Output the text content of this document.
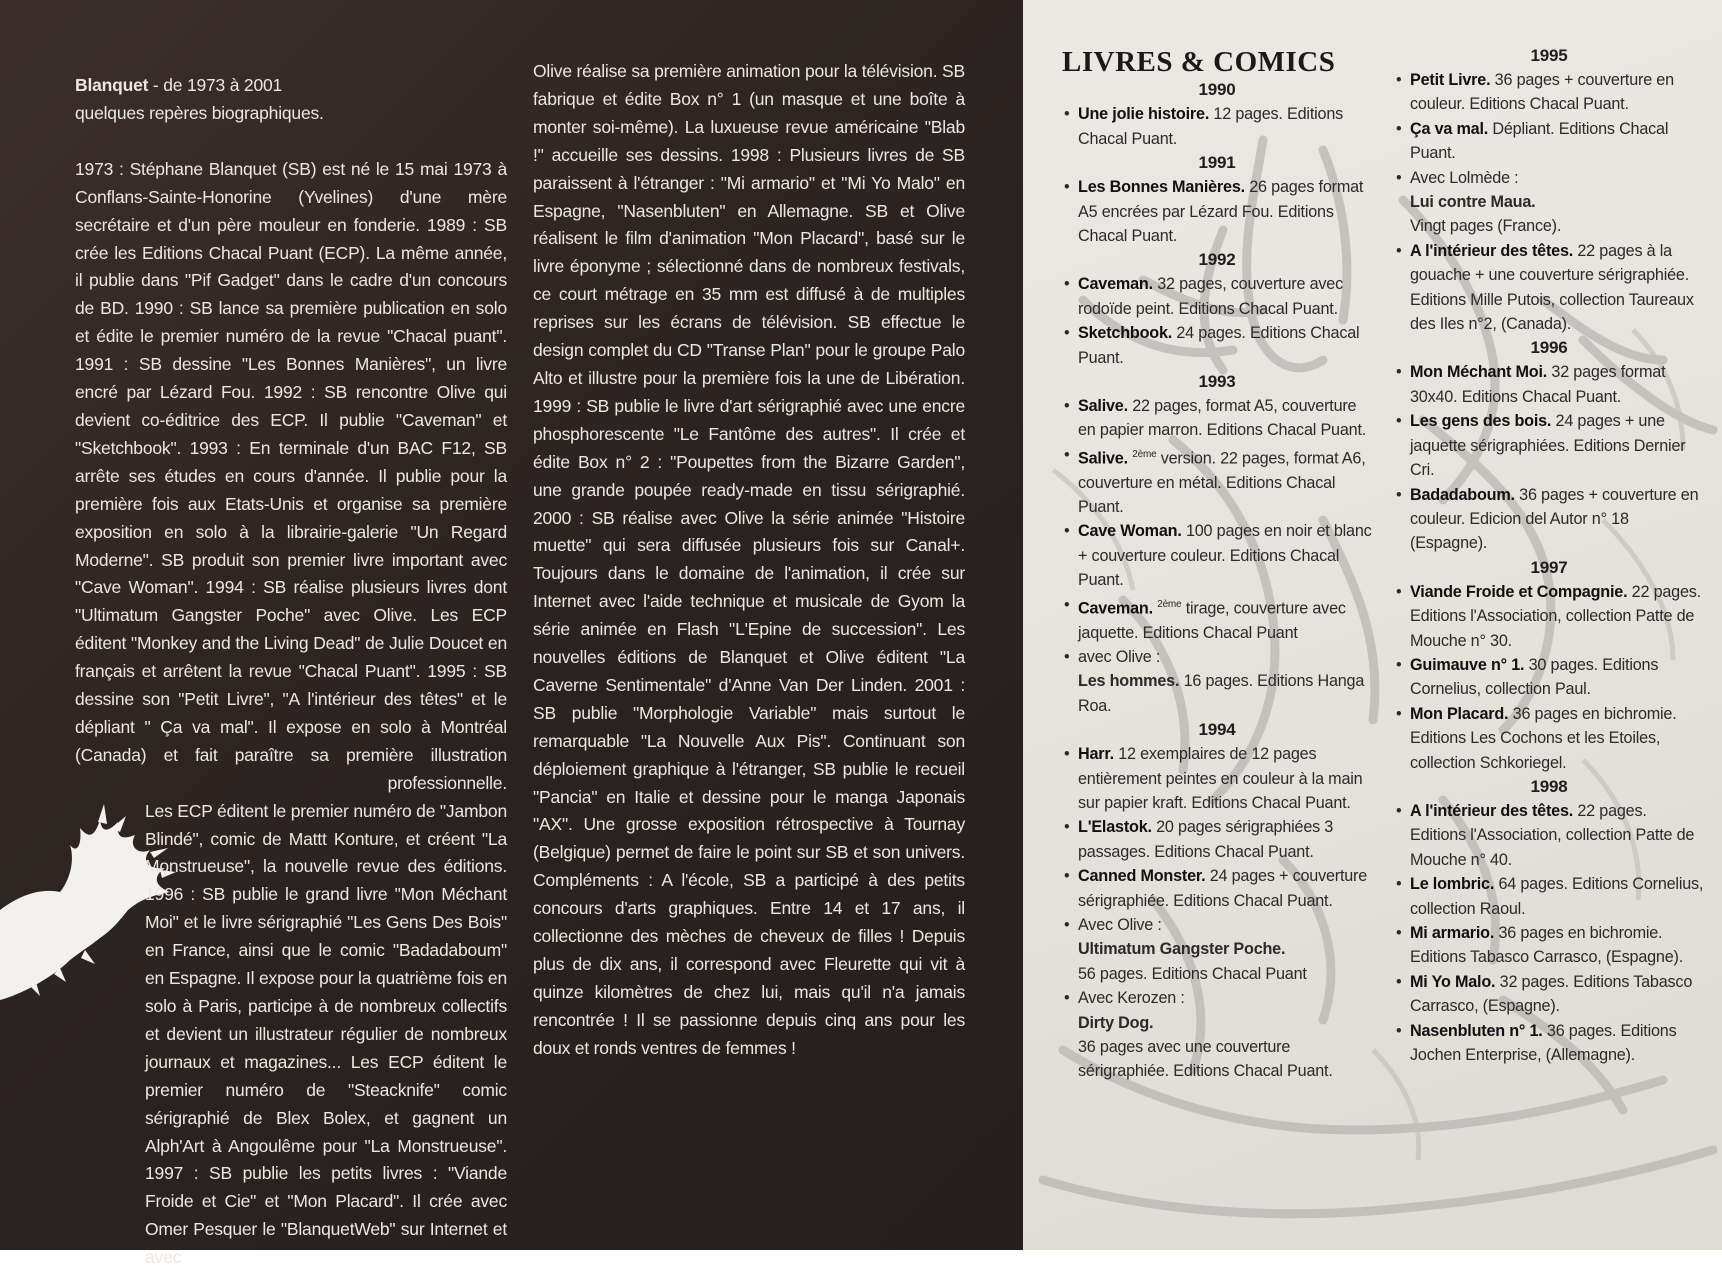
Blanquet - de 1973 à 2001

quelques repères biographiques.

1973 : Stéphane Blanquet (SB) est né le 15 mai 1973 à Conflans-Sainte-Honorine (Yvelines) d'une mère secrétaire et d'un père mouleur en fonderie. 1989 : SB crée les Editions Chacal Puant (ECP). La même année, il publie dans "Pif Gadget" dans le cadre d'un concours de BD. 1990 : SB lance sa première publication en solo et édite le premier numéro de la revue "Chacal puant". 1991 : SB dessine "Les Bonnes Manières", un livre encré par Lézard Fou. 1992 : SB rencontre Olive qui devient co-éditrice des ECP. Il publie "Caveman" et "Sketchbook". 1993 : En terminale d'un BAC F12, SB arrête ses études en cours d'année. Il publie pour la première fois aux Etats-Unis et organise sa première exposition en solo à la librairie-galerie "Un Regard Moderne". SB produit son premier livre important avec "Cave Woman". 1994 : SB réalise plusieurs livres dont "Ultimatum Gangster Poche" avec Olive. Les ECP éditent "Monkey and the Living Dead" de Julie Doucet en français et arrêtent la revue "Chacal Puant". 1995 : SB dessine son "Petit Livre", "A l'intérieur des têtes" et le dépliant " Ça va mal". Il expose en solo à Montréal (Canada) et fait paraître sa première illustration professionnelle.

Les ECP éditent le premier numéro de "Jambon Blindé", comic de Mattt Konture, et créent "La Monstrueuse", la nouvelle revue des éditions. 1996 : SB publie le grand livre "Mon Méchant Moi" et le livre sérigraphié "Les Gens Des Bois" en France, ainsi que le comic "Badadaboum" en Espagne. Il expose pour la quatrième fois en solo à Paris, participe à de nombreux collectifs et devient un illustrateur régulier de nombreux journaux et magazines... Les ECP éditent le premier numéro de "Steacknife" comic sérigraphié de Blex Bolex, et gagnent un Alph'Art à Angoulême pour "La Monstrueuse". 1997 : SB publie les petits livres : "Viande Froide et Cie" et "Mon Placard". Il crée avec Omer Pesquer le "BlanquetWeb" sur Internet et avec

Olive réalise sa première animation pour la télévision. SB fabrique et édite Box n° 1 (un masque et une boîte à monter soi-même). La luxueuse revue américaine "Blab !" accueille ses dessins. 1998 : Plusieurs livres de SB paraissent à l'étranger : "Mi armario" et "Mi Yo Malo" en Espagne, "Nasenbluten" en Allemagne. SB et Olive réalisent le film d'animation "Mon Placard", basé sur le livre éponyme ; sélectionné dans de nombreux festivals, ce court métrage en 35 mm est diffusé à de multiples reprises sur les écrans de télévision. SB effectue le design complet du CD "Transe Plan" pour le groupe Palo Alto et illustre pour la première fois la une de Libération. 1999 : SB publie le livre d'art sérigraphié avec une encre phosphorescente "Le Fantôme des autres". Il crée et édite Box n° 2 : "Poupettes from the Bizarre Garden", une grande poupée ready-made en tissu sérigraphié. 2000 : SB réalise avec Olive la série animée "Histoire muette" qui sera diffusée plusieurs fois sur Canal+. Toujours dans le domaine de l'animation, il crée sur Internet avec l'aide technique et musicale de Gyom la série animée en Flash "L'Epine de succession". Les nouvelles éditions de Blanquet et Olive éditent "La Caverne Sentimentale" d'Anne Van Der Linden. 2001 : SB publie "Morphologie Variable" mais surtout le remarquable "La Nouvelle Aux Pis". Continuant son déploiement graphique à l'étranger, SB publie le recueil "Pancia" en Italie et dessine pour le manga Japonais "AX". Une grosse exposition rétrospective à Tournay (Belgique) permet de faire le point sur SB et son univers. Compléments : A l'école, SB a participé à des petits concours d'arts graphiques. Entre 14 et 17 ans, il collectionne des mèches de cheveux de filles ! Depuis plus de dix ans, il correspond avec Fleurette qui vit à quinze kilomètres de chez lui, mais qu'il n'a jamais rencontrée ! Il se passionne depuis cinq ans pour les doux et ronds ventres de femmes !

LIVRES & COMICS
1990
• Une jolie histoire. 12 pages. Editions Chacal Puant.
1991
• Les Bonnes Manières. 26 pages format A5 encrées par Lézard Fou. Editions Chacal Puant.
1992
• Caveman. 32 pages, couverture avec rodoïde peint. Editions Chacal Puant.
• Sketchbook. 24 pages. Editions Chacal Puant.
1993
• Salive. 22 pages, format A5, couverture en papier marron. Editions Chacal Puant.
• Salive. $^{2ème}$ version. 22 pages, format A6, couverture en métal. Editions Chacal Puant.
• Cave Woman. 100 pages en noir et blanc + couverture couleur. Editions Chacal Puant.
• Caveman. $^{2ème}$ tirage, couverture avec jaquette. Editions Chacal Puant
• avec Olive :
Les hommes. 16 pages. Editions Hanga Roa.
1994
• Harr. 12 exemplaires de 12 pages entièrement peintes en couleur à la main sur papier kraft. Editions Chacal Puant.
• L'Elastok. 20 pages sérigraphiées 3 passages. Editions Chacal Puant.
• Canned Monster. 24 pages + couverture sérigraphiée. Editions Chacal Puant.
• Avec Olive :
Ultimatum Gangster Poche.
56 pages. Editions Chacal Puant
• Avec Kerozen :
Dirty Dog.
36 pages avec une couverture sérigraphiée. Editions Chacal Puant.
1995
• Petit Livre. 36 pages + couverture en couleur. Editions Chacal Puant.
• Ça va mal. Dépliant. Editions Chacal Puant.
• Avec Lolmède :
Lui contre Maua.
Vingt pages (France).
• A l'intérieur des têtes. 22 pages à la gouache + une couverture sérigraphiée. Editions Mille Putois, collection Taureaux des Iles n°2, (Canada).
1996
• Mon Méchant Moi. 32 pages format 30x40. Editions Chacal Puant.
• Les gens des bois. 24 pages + une jaquette sérigraphiées. Editions Dernier Cri.
• Badadaboum. 36 pages + couverture en couleur. Edicion del Autor n° 18 (Espagne).
1997
• Viande Froide et Compagnie. 22 pages. Editions l'Association, collection Patte de Mouche n° 30.
• Guimauve n° 1. 30 pages. Editions Cornelius, collection Paul.
• Mon Placard. 36 pages en bichromie. Editions Les Cochons et les Etoiles, collection Schkoriegel.
1998
• A l'intérieur des têtes. 22 pages. Editions l'Association, collection Patte de Mouche n° 40.
• Le lombric. 64 pages. Editions Cornelius, collection Raoul.
• Mi armario. 36 pages en bichromie. Editions Tabasco Carrasco, (Espagne).
• Mi Yo Malo. 32 pages. Editions Tabasco Carrasco, (Espagne).
• Nasenbluten n° 1. 36 pages. Editions Jochen Enterprise, (Allemagne).
